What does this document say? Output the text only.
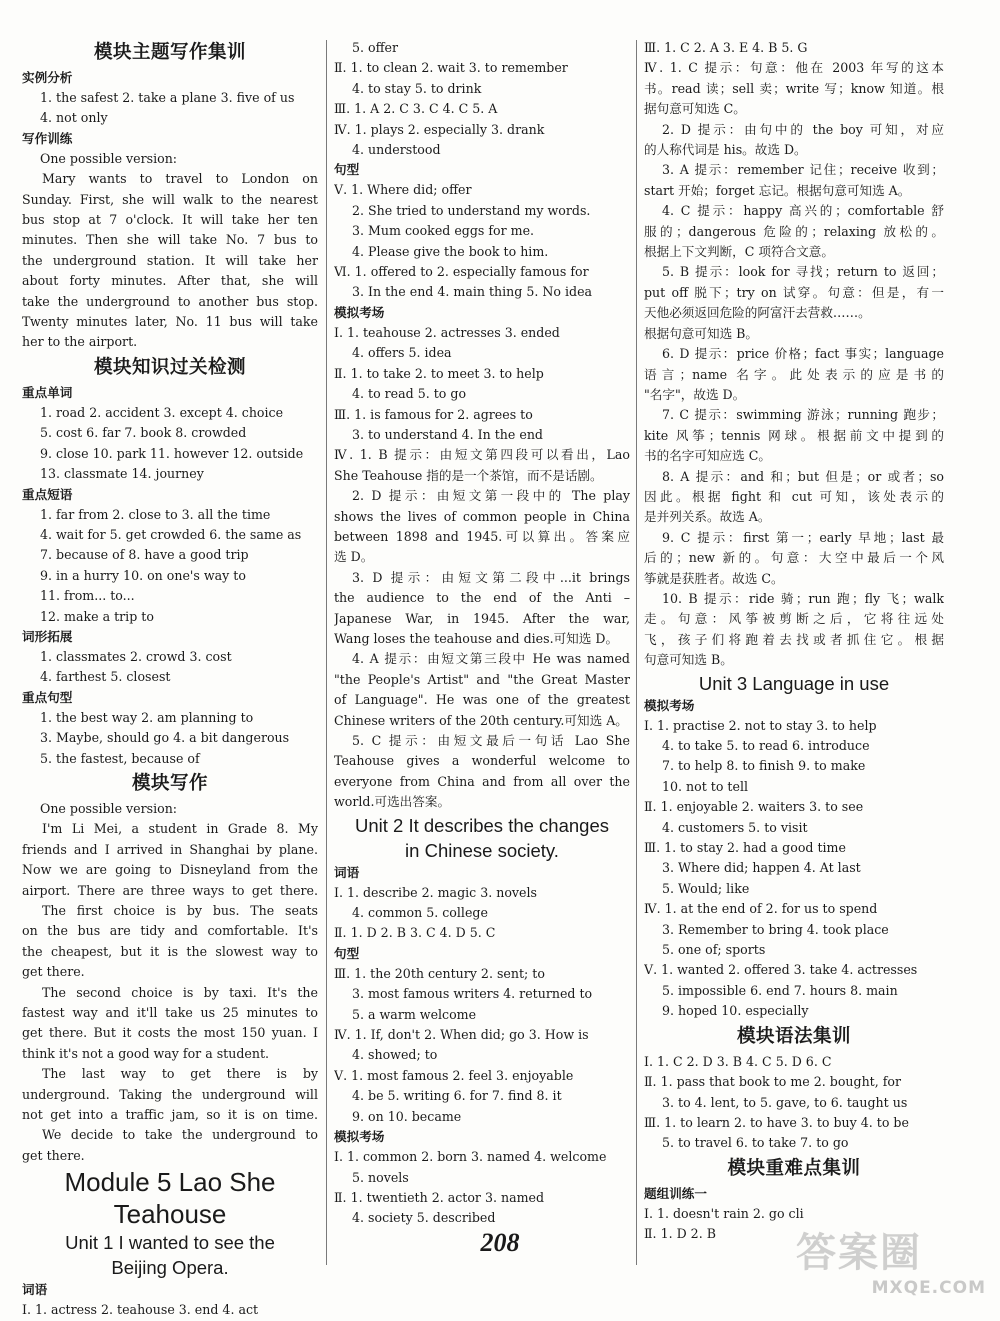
模块主题写作集训
实例分析
1. the safest 2. take a plane 3. five of us
4. not only
写作训练
One possible version:
Mary wants to travel to London on
Sunday. First, she will walk to the nearest
bus stop at 7 o'clock. It will take her ten
minutes. Then she will take No. 7 bus to
the underground station. It will take her
about forty minutes. After that, she will
take the underground to another bus stop.
Twenty minutes later, No. 11 bus will take
her to the airport.
模块知识过关检测
重点单词
1. road 2. accident 3. except 4. choice
5. cost 6. far 7. book 8. crowded
9. close 10. park 11. however 12. outside
13. classmate 14. journey
重点短语
1. far from 2. close to 3. all the time
4. wait for 5. get crowded 6. the same as
7. because of 8. have a good trip
9. in a hurry 10. on one's way to
11. from... to...
12. make a trip to
词形拓展
1. classmates 2. crowd 3. cost
4. farthest 5. closest
重点句型
1. the best way 2. am planning to
3. Maybe, should go 4. a bit dangerous
5. the fastest, because of
模块写作
One possible version:
I'm Li Mei, a student in Grade 8. My
friends and I arrived in Shanghai by plane.
Now we are going to Disneyland from the
airport. There are three ways to get there.
The first choice is by bus. The seats
on the bus are tidy and comfortable. It's
the cheapest, but it is the slowest way to
get there.
The second choice is by taxi. It's the
fastest way and it'll take us 25 minutes to
get there. But it costs the most 150 yuan. I
think it's not a good way for a student.
The last way to get there is by
underground. Taking the underground will
not get into a traffic jam, so it is on time.
We decide to take the underground to
get there.
Module 5 Lao She
Teahouse
Unit 1 I wanted to see the
Beijing Opera.
词语
Ⅰ. 1. actress 2. teahouse 3. end 4. act
5. offer
Ⅱ. 1. to clean 2. wait 3. to remember
4. to stay 5. to drink
Ⅲ. 1. A 2. C 3. C 4. C 5. A
Ⅳ. 1. plays 2. especially 3. drank
4. understood
句型
Ⅴ. 1. Where did; offer
2. She tried to understand my words.
3. Mum cooked eggs for me.
4. Please give the book to him.
Ⅵ. 1. offered to 2. especially famous for
3. In the end 4. main thing 5. No idea
模拟考场
Ⅰ. 1. teahouse 2. actresses 3. ended
4. offers 5. idea
Ⅱ. 1. to take 2. to meet 3. to help
4. to read 5. to go
Ⅲ. 1. is famous for 2. agrees to
3. to understand 4. In the end
Ⅳ. 1. B 提示：由短文第四段可以看出，Lao
She Teahouse 指的是一个茶馆，而不是话剧。
2. D 提示：由短文第一段中的 The play
shows the lives of common people in China
between 1898 and 1945.可以算出。答案应
选 D。
3. D 提示：由短文第二段中...it brings
the audience to the end of the Anti –
Japanese War, in 1945. After the war,
Wang loses the teahouse and dies.可知选 D。
4. A 提示：由短文第三段中 He was named
"the People's Artist" and "the Great Master
of Language". He was one of the greatest
Chinese writers of the 20th century.可知选 A。
5. C 提示：由短文最后一句话 Lao She
Teahouse gives a wonderful welcome to
everyone from China and from all over the
world.可选出答案。
Unit 2 It describes the changes
in Chinese society.
词语
Ⅰ. 1. describe 2. magic 3. novels
4. common 5. college
Ⅱ. 1. D 2. B 3. C 4. D 5. C
句型
Ⅲ. 1. the 20th century 2. sent; to
3. most famous writers 4. returned to
5. a warm welcome
Ⅳ. 1. If, don't 2. When did; go 3. How is
4. showed; to
Ⅴ. 1. most famous 2. feel 3. enjoyable
4. be 5. writing 6. for 7. find 8. it
9. on 10. became
模拟考场
Ⅰ. 1. common 2. born 3. named 4. welcome
5. novels
Ⅱ. 1. twentieth 2. actor 3. named
4. society 5. described
Ⅲ. 1. C 2. A 3. E 4. B 5. G
Ⅳ. 1. C 提示：句意：他在 2003 年写的这本
书。read 读；sell 卖；write 写；know 知道。根
据句意可知选 C。
2. D 提示：由句中的 the boy 可知，对应
的人称代词是 his。故选 D。
3. A 提示：remember 记住；receive 收到；
start 开始；forget 忘记。根据句意可知选 A。
4. C 提示：happy 高兴的；comfortable 舒
服的；dangerous 危险的；relaxing 放松的。
根据上下文判断，C 项符合文意。
5. B 提示：look for 寻找；return to 返回；
put off 脱下；try on 试穿。句意：但是，有一
天他必须返回危险的阿富汗去营救……。
根据句意可知选 B。
6. D 提示：price 价格；fact 事实；language
语言；name 名字。此处表示的应是书的
"名字"，故选 D。
7. C 提示：swimming 游泳；running 跑步；
kite 风筝；tennis 网球。根据前文中提到的
书的名字可知应选 C。
8. A 提示：and 和；but 但是；or 或者；so
因此。根据 fight 和 cut 可知，该处表示的
是并列关系。故选 A。
9. C 提示：first 第一；early 早地；last 最
后的；new 新的。句意：大空中最后一个风
筝就是获胜者。故选 C。
10. B 提示：ride 骑；run 跑；fly 飞；walk
走。句意：风筝被剪断之后，它将往远处
飞，孩子们将跑着去找或者抓住它。根据
句意可知选 B。
Unit 3 Language in use
模拟考场
Ⅰ. 1. practise 2. not to stay 3. to help
4. to take 5. to read 6. introduce
7. to help 8. to finish 9. to make
10. not to tell
Ⅱ. 1. enjoyable 2. waiters 3. to see
4. customers 5. to visit
Ⅲ. 1. to stay 2. had a good time
3. Where did; happen 4. At last
5. Would; like
Ⅳ. 1. at the end of 2. for us to spend
3. Remember to bring 4. took place
5. one of; sports
Ⅴ. 1. wanted 2. offered 3. take 4. actresses
5. impossible 6. end 7. hours 8. main
9. hoped 10. especially
模块语法集训
Ⅰ. 1. C 2. D 3. B 4. C 5. D 6. C
Ⅱ. 1. pass that book to me 2. bought, for
3. to 4. lent, to 5. gave, to 6. taught us
Ⅲ. 1. to learn 2. to have 3. to buy 4. to be
5. to travel 6. to take 7. to go
模块重难点集训
题组训练一
Ⅰ. 1. doesn't rain 2. go cli
Ⅱ. 1. D 2. B
208	答案圈
MXQE.COM
